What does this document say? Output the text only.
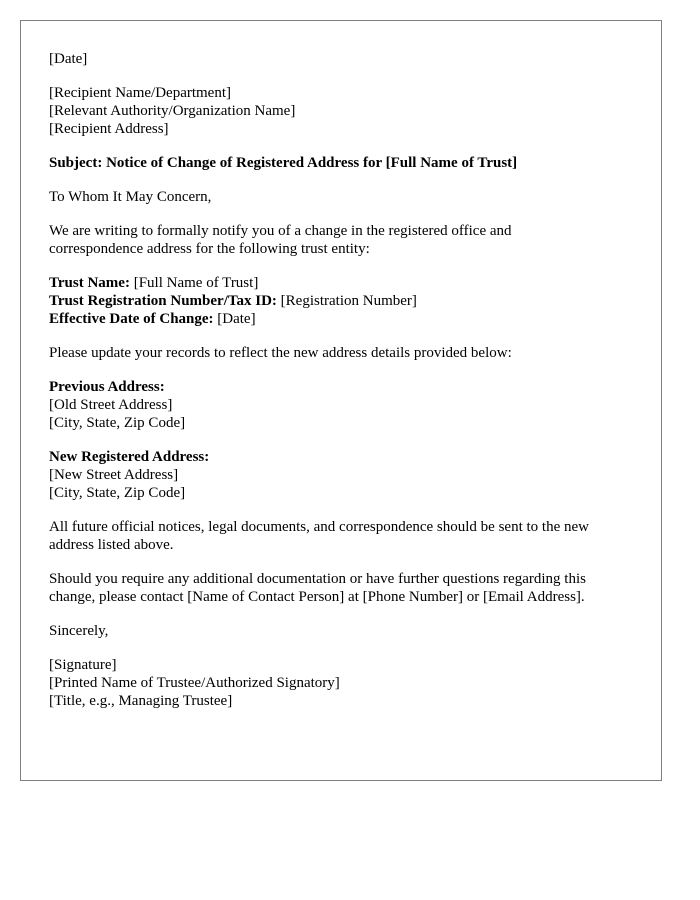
[Date]

[Recipient Name/Department]
[Relevant Authority/Organization Name]
[Recipient Address]

Subject: Notice of Change of Registered Address for [Full Name of Trust]

To Whom It May Concern,

We are writing to formally notify you of a change in the registered office and
correspondence address for the following trust entity:

Trust Name: [Full Name of Trust]
Trust Registration Number/Tax ID: [Registration Number]
Effective Date of Change: [Date]

Please update your records to reflect the new address details provided below:

Previous Address:
[Old Street Address]
[City, State, Zip Code]

New Registered Address:
[New Street Address]
[City, State, Zip Code]

All future official notices, legal documents, and correspondence should be sent to the new
address listed above.

Should you require any additional documentation or have further questions regarding this
change, please contact [Name of Contact Person] at [Phone Number] or [Email Address].

Sincerely,

[Signature]
[Printed Name of Trustee/Authorized Signatory]
[Title, e.g., Managing Trustee]
